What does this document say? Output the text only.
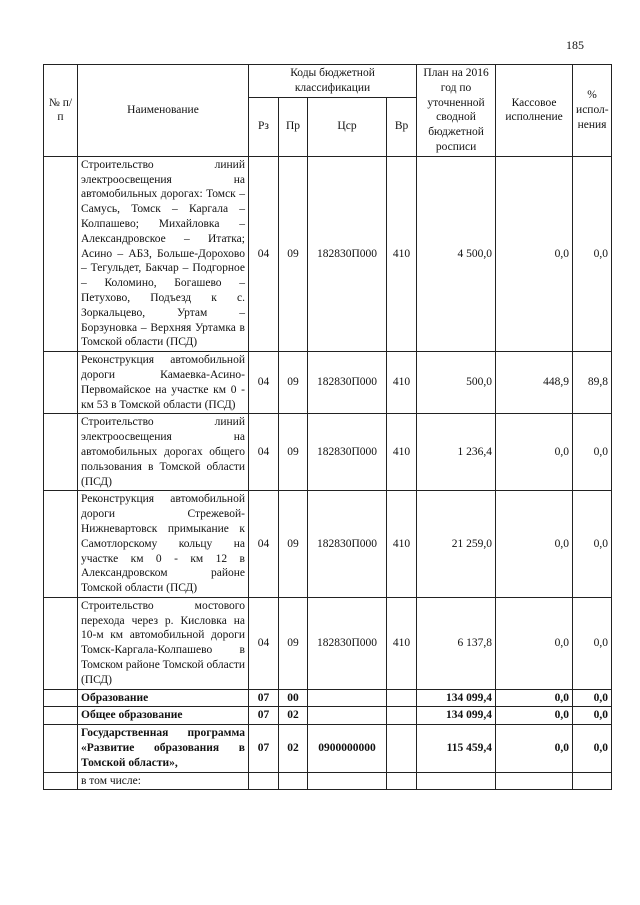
185
№ п/п	Наименование	Коды бюджетной классификации				План на 2016 год по уточненной сводной бюджетной росписи	Кассовое исполнение	% испол-нения
		Рз	Пр	Цср	Вр			
	Строительство линий электроосвещения на автомобильных дорогах: Томск – Самусь, Томск – Каргала – Колпашево; Михайловка – Александровское – Итатка; Асино – АБЗ, Больше-Дорохово – Тегульдет, Бакчар – Подгорное – Коломино, Богашево – Петухово, Подъезд к с. Зоркальцево, Уртам – Борзуновка – Верхняя Уртамка в Томской области (ПСД)	04	09	182830П000	410	4 500,0	0,0	0,0
	Реконструкция автомобильной дороги Камаевка-Асино-Первомайское на участке км 0 - км 53 в Томской области (ПСД)	04	09	182830П000	410	500,0	448,9	89,8
	Строительство линий электроосвещения на автомобильных дорогах общего пользования в Томской области (ПСД)	04	09	182830П000	410	1 236,4	0,0	0,0
	Реконструкция автомобильной дороги Стрежевой-Нижневартовск примыкание к Самотлорскому кольцу на участке км 0 - км 12 в Александровском районе Томской области (ПСД)	04	09	182830П000	410	21 259,0	0,0	0,0
	Строительство мостового перехода через р. Кисловка на 10-м км автомобильной дороги Томск-Каргала-Колпашево в Томском районе Томской области (ПСД)	04	09	182830П000	410	6 137,8	0,0	0,0
	Образование	07	00			134 099,4	0,0	0,0
	Общее образование	07	02			134 099,4	0,0	0,0
	Государственная программа «Развитие образования в Томской области»,	07	02	0900000000		115 459,4	0,0	0,0
	в том числе:							
